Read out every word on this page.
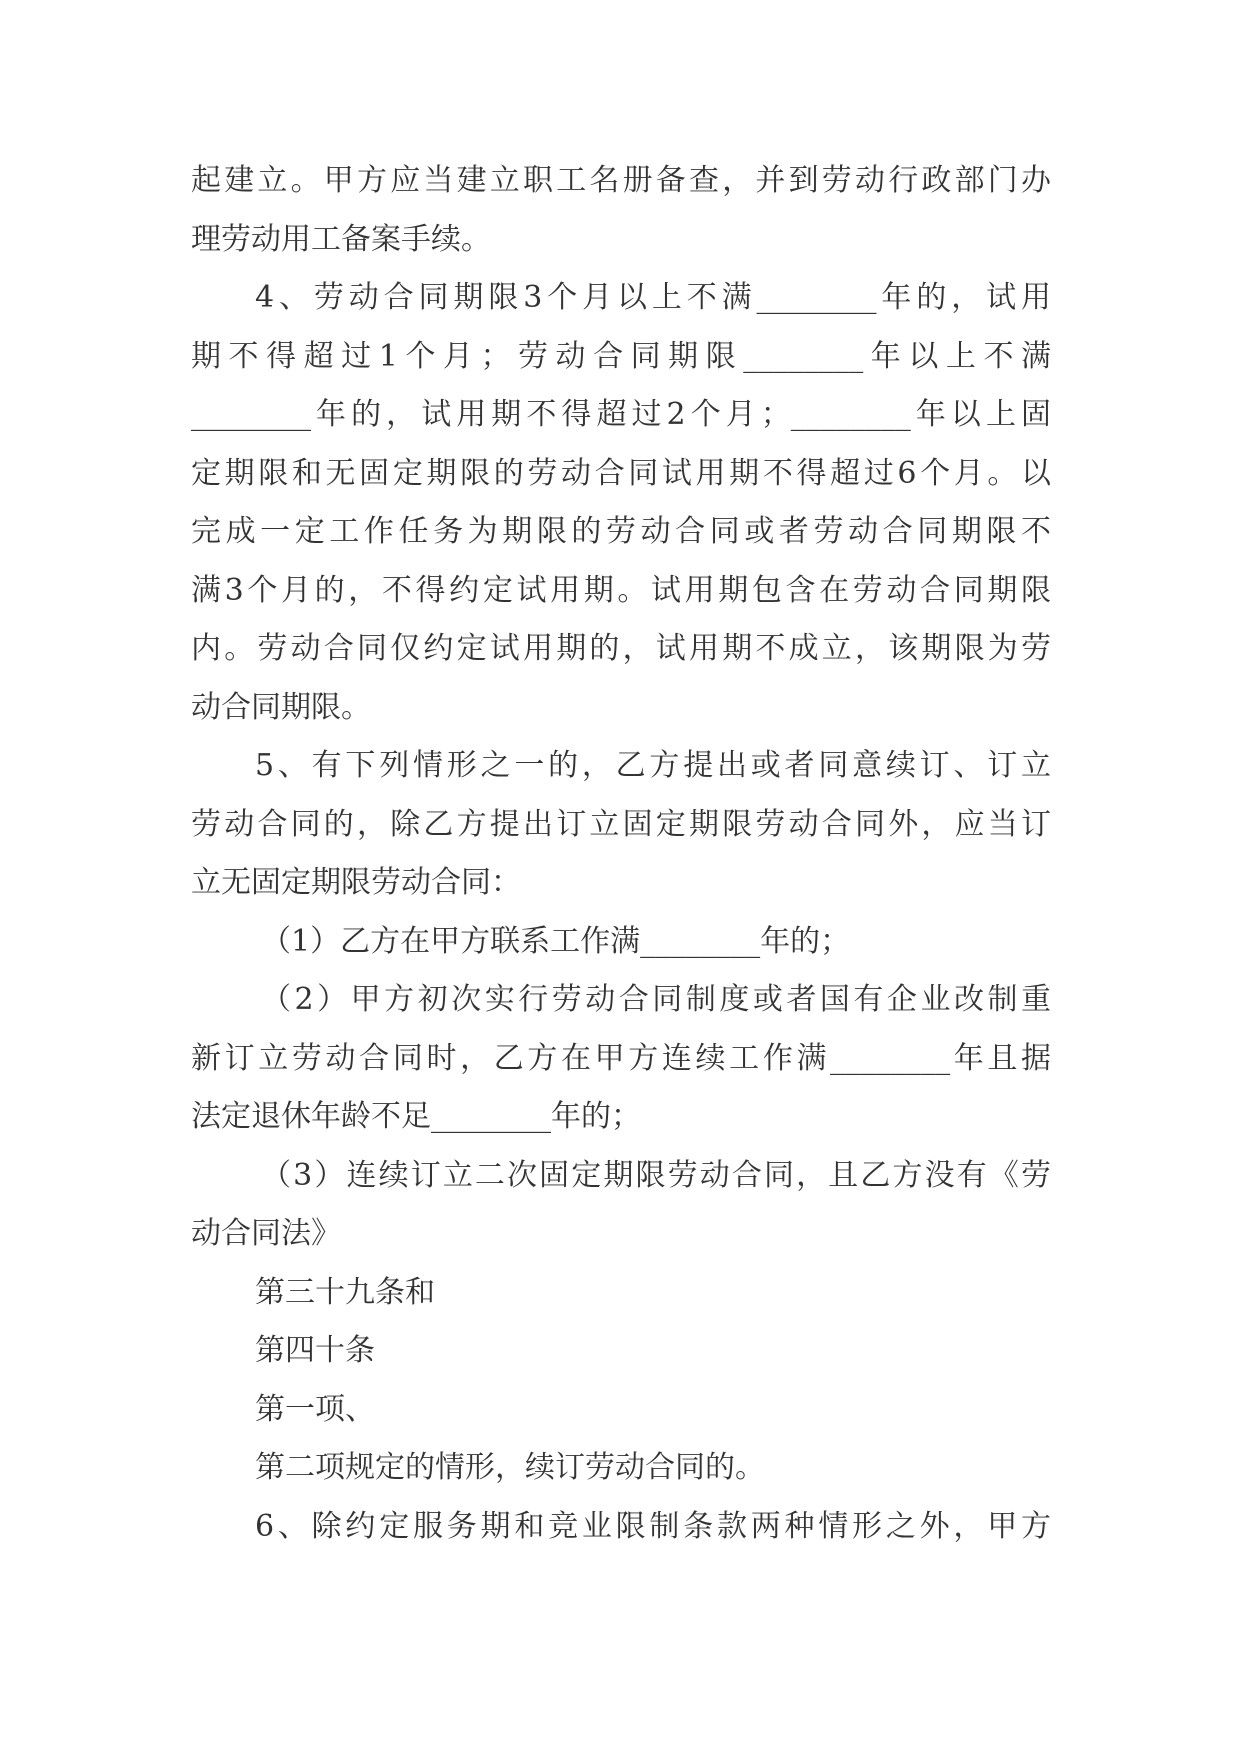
起建立。甲方应当建立职工名册备查，并到劳动行政部门办
理劳动用工备案手续。
4、劳动合同期限3个月以上不满________年的，试用
期不得超过1个月；劳动合同期限________年以上不满
________年的，试用期不得超过2个月；________年以上固
定期限和无固定期限的劳动合同试用期不得超过6个月。以
完成一定工作任务为期限的劳动合同或者劳动合同期限不
满3个月的，不得约定试用期。试用期包含在劳动合同期限
内。劳动合同仅约定试用期的，试用期不成立，该期限为劳
动合同期限。
5、有下列情形之一的，乙方提出或者同意续订、订立
劳动合同的，除乙方提出订立固定期限劳动合同外，应当订
立无固定期限劳动合同：
（1）乙方在甲方联系工作满________年的；
（2）甲方初次实行劳动合同制度或者国有企业改制重
新订立劳动合同时，乙方在甲方连续工作满________年且据
法定退休年龄不足________年的；
（3）连续订立二次固定期限劳动合同，且乙方没有《劳
动合同法》
第三十九条和
第四十条
第一项、
第二项规定的情形，续订劳动合同的。
6、除约定服务期和竞业限制条款两种情形之外，甲方
